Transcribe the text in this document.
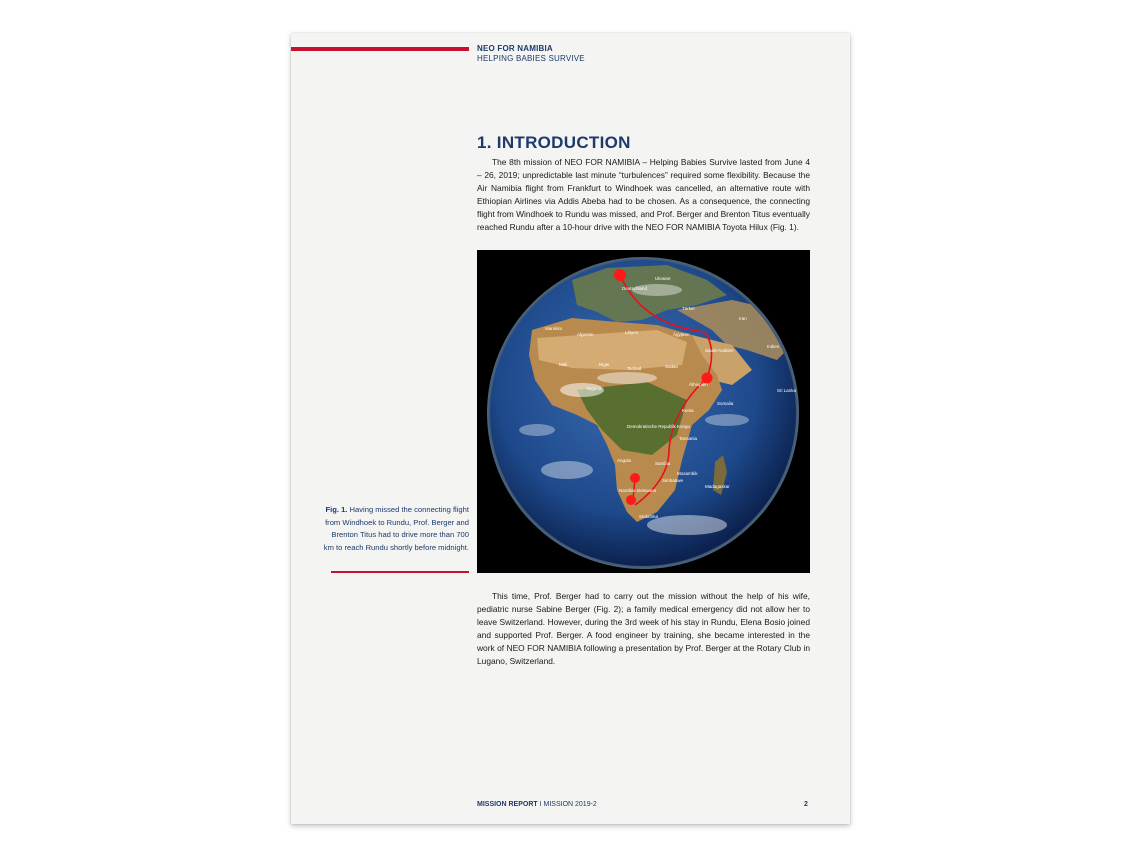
NEO FOR NAMIBIA
HELPING BABIES SURVIVE
1. INTRODUCTION

The 8th mission of NEO FOR NAMIBIA – Helping Babies Survive lasted from June 4 – 26, 2019; unpredictable last minute “turbulences” required some flexibility. Because the Air Namibia flight from Frankfurt to Windhoek was cancelled, an alternative route with Ethiopian Airlines via Addis Abeba had to be chosen. As a consequence, the connecting flight from Windhoek to Rundu was missed, and Prof. Berger and Brenton Titus eventually reached Rundu after a 10-hour drive with the NEO FOR NAMIBIA Toyota Hilux (Fig. 1).

Deutschland
Ukraine
Türkei
Iran
Saudi-Arabien
Ägypten
Libyen
Algerien
Marokko
Mali	Niger
Tschad	Sudan
Äthiopien
Nigeria
Kenia
Somalia
Demokratische Republik Kongo
Tansania
Angola
Sambia
Mosambik
Simbabwe
Madagaskar
Namibia Botsuana
Südafrika
Indien
Sri Lanka
Fig. 1. Having missed the connecting flight from Windhoek to Rundu, Prof. Berger and Brenton Titus had to drive more than 700 km to reach Rundu shortly before midnight.

This time, Prof. Berger had to carry out the mission without the help of his wife, pediatric nurse Sabine Berger (Fig. 2); a family medical emergency did not allow her to leave Switzerland. However, during the 3rd week of his stay in Rundu, Elena Bosio joined and supported Prof. Berger. A food engineer by training, she became interested in the work of NEO FOR NAMIBIA following a presentation by Prof. Berger at the Rotary Club in Lugano, Switzerland.

MISSION REPORT I MISSION 2019-2	2
